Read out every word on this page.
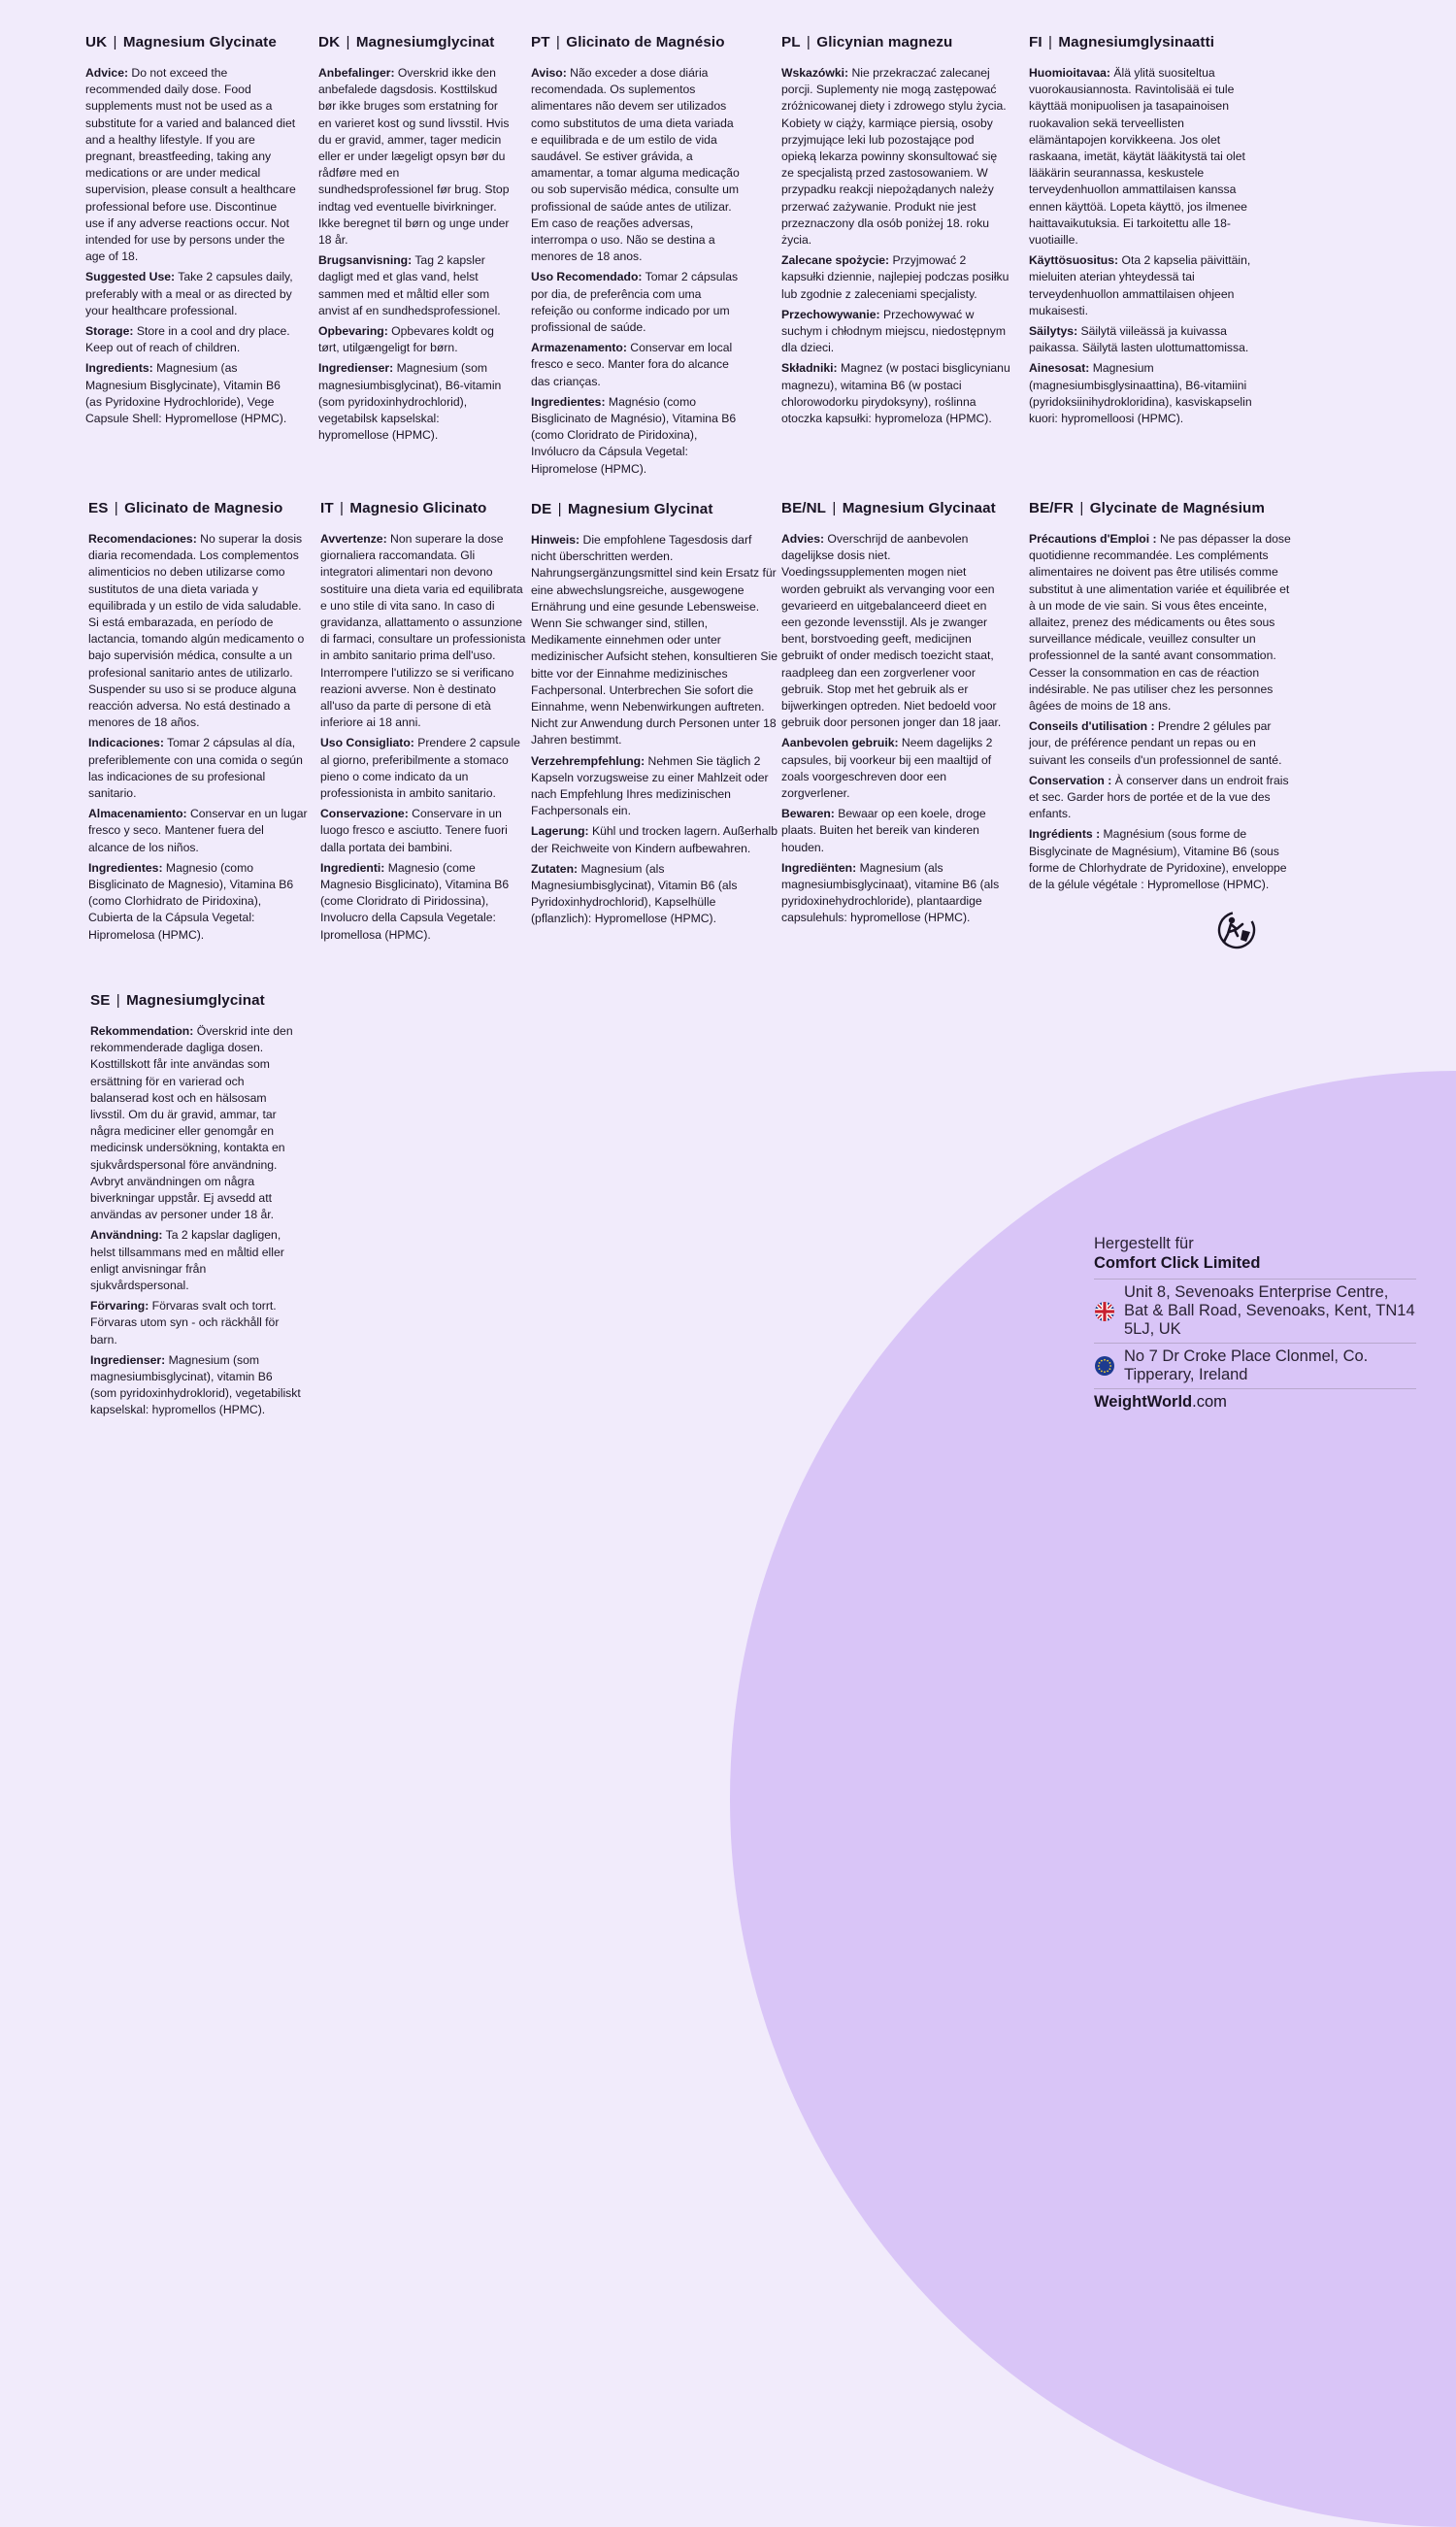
UK | Magnesium Glycinate

Advice: Do not exceed the recommended daily dose. Food supplements must not be used as a substitute for a varied and balanced diet and a healthy lifestyle. If you are pregnant, breastfeeding, taking any medications or are under medical supervision, please consult a healthcare professional before use. Discontinue use if any adverse reactions occur. Not intended for use by persons under the age of 18.

Suggested Use: Take 2 capsules daily, preferably with a meal or as directed by your healthcare professional.

Storage: Store in a cool and dry place. Keep out of reach of children.

Ingredients: Magnesium (as Magnesium Bisglycinate), Vitamin B6 (as Pyridoxine Hydrochloride), Vege Capsule Shell: Hypromellose (HPMC).

DK | Magnesiumglycinat

Anbefalinger: Overskrid ikke den anbefalede dagsdosis. Kosttilskud bør ikke bruges som erstatning for en varieret kost og sund livsstil. Hvis du er gravid, ammer, tager medicin eller er under lægeligt opsyn bør du rådføre med en sundhedsprofessionel før brug. Stop indtag ved eventuelle bivirkninger. Ikke beregnet til børn og unge under 18 år.

Brugsanvisning: Tag 2 kapsler dagligt med et glas vand, helst sammen med et måltid eller som anvist af en sundhedsprofessionel.

Opbevaring: Opbevares koldt og tørt, utilgængeligt for børn.

Ingredienser: Magnesium (som magnesiumbisglycinat), B6-vitamin (som pyridoxinhydrochlorid), vegetabilsk kapselskal: hypromellose (HPMC).

PT | Glicinato de Magnésio

Aviso: Não exceder a dose diária recomendada. Os suplementos alimentares não devem ser utilizados como substitutos de uma dieta variada e equilibrada e de um estilo de vida saudável. Se estiver grávida, a amamentar, a tomar alguma medicação ou sob supervisão médica, consulte um profissional de saúde antes de utilizar. Em caso de reações adversas, interrompa o uso. Não se destina a menores de 18 anos.

Uso Recomendado: Tomar 2 cápsulas por dia, de preferência com uma refeição ou conforme indicado por um profissional de saúde.

Armazenamento: Conservar em local fresco e seco. Manter fora do alcance das crianças.

Ingredientes: Magnésio (como Bisglicinato de Magnésio), Vitamina B6 (como Cloridrato de Piridoxina), Invólucro da Cápsula Vegetal: Hipromelose (HPMC).

PL | Glicynian magnezu

Wskazówki: Nie przekraczać zalecanej porcji. Suplementy nie mogą zastępować zróżnicowanej diety i zdrowego stylu życia. Kobiety w ciąży, karmiące piersią, osoby przyjmujące leki lub pozostające pod opieką lekarza powinny skonsultować się ze specjalistą przed zastosowaniem. W przypadku reakcji niepożądanych należy przerwać zażywanie. Produkt nie jest przeznaczony dla osób poniżej 18. roku życia.

Zalecane spożycie: Przyjmować 2 kapsułki dziennie, najlepiej podczas posiłku lub zgodnie z zaleceniami specjalisty.

Przechowywanie: Przechowywać w suchym i chłodnym miejscu, niedostępnym dla dzieci.

Składniki: Magnez (w postaci bisglicynianu magnezu), witamina B6 (w postaci chlorowodorku pirydoksyny), roślinna otoczka kapsułki: hypromeloza (HPMC).

FI | Magnesiumglysinaatti

Huomioitavaa: Älä ylitä suositeltua vuorokausiannosta. Ravintolisää ei tule käyttää monipuolisen ja tasapainoisen ruokavalion sekä terveellisten elämäntapojen korvikkeena. Jos olet raskaana, imetät, käytät lääkitystä tai olet lääkärin seurannassa, keskustele terveydenhuollon ammattilaisen kanssa ennen käyttöä. Lopeta käyttö, jos ilmenee haittavaikutuksia. Ei tarkoitettu alle 18-vuotiaille.

Käyttösuositus: Ota 2 kapselia päivittäin, mieluiten aterian yhteydessä tai terveydenhuollon ammattilaisen ohjeen mukaisesti.

Säilytys: Säilytä viileässä ja kuivassa paikassa. Säilytä lasten ulottumattomissa.

Ainesosat: Magnesium (magnesiumbisglysinaattina), B6-vitamiini (pyridoksiinihydrokloridina), kasviskapselin kuori: hypromelloosi (HPMC).

ES | Glicinato de Magnesio

Recomendaciones: No superar la dosis diaria recomendada. Los complementos alimenticios no deben utilizarse como sustitutos de una dieta variada y equilibrada y un estilo de vida saludable. Si está embarazada, en período de lactancia, tomando algún medicamento o bajo supervisión médica, consulte a un profesional sanitario antes de utilizarlo. Suspender su uso si se produce alguna reacción adversa. No está destinado a menores de 18 años.

Indicaciones: Tomar 2 cápsulas al día, preferiblemente con una comida o según las indicaciones de su profesional sanitario.

Almacenamiento: Conservar en un lugar fresco y seco. Mantener fuera del alcance de los niños.

Ingredientes: Magnesio (como Bisglicinato de Magnesio), Vitamina B6 (como Clorhidrato de Piridoxina), Cubierta de la Cápsula Vegetal: Hipromelosa (HPMC).

IT | Magnesio Glicinato

Avvertenze: Non superare la dose giornaliera raccomandata. Gli integratori alimentari non devono sostituire una dieta varia ed equilibrata e uno stile di vita sano. In caso di gravidanza, allattamento o assunzione di farmaci, consultare un professionista in ambito sanitario prima dell'uso. Interrompere l'utilizzo se si verificano reazioni avverse. Non è destinato all'uso da parte di persone di età inferiore ai 18 anni.

Uso Consigliato: Prendere 2 capsule al giorno, preferibilmente a stomaco pieno o come indicato da un professionista in ambito sanitario.

Conservazione: Conservare in un luogo fresco e asciutto. Tenere fuori dalla portata dei bambini.

Ingredienti: Magnesio (come Magnesio Bisglicinato), Vitamina B6 (come Cloridrato di Piridossina), Involucro della Capsula Vegetale: Ipromellosa (HPMC).

DE | Magnesium Glycinat

Hinweis: Die empfohlene Tagesdosis darf nicht überschritten werden. Nahrungsergänzungsmittel sind kein Ersatz für eine abwechslungsreiche, ausgewogene Ernährung und eine gesunde Lebensweise. Wenn Sie schwanger sind, stillen, Medikamente einnehmen oder unter medizinischer Aufsicht stehen, konsultieren Sie bitte vor der Einnahme medizinisches Fachpersonal. Unterbrechen Sie sofort die Einnahme, wenn Nebenwirkungen auftreten. Nicht zur Anwendung durch Personen unter 18 Jahren bestimmt.

Verzehrempfehlung: Nehmen Sie täglich 2 Kapseln vorzugsweise zu einer Mahlzeit oder nach Empfehlung Ihres medizinischen Fachpersonals ein.

Lagerung: Kühl und trocken lagern. Außerhalb der Reichweite von Kindern aufbewahren.

Zutaten: Magnesium (als Magnesiumbisglycinat), Vitamin B6 (als Pyridoxinhydrochlorid), Kapselhülle (pflanzlich): Hypromellose (HPMC).

BE/NL | Magnesium Glycinaat

Advies: Overschrijd de aanbevolen dagelijkse dosis niet. Voedingssupplementen mogen niet worden gebruikt als vervanging voor een gevarieerd en uitgebalanceerd dieet en een gezonde levensstijl. Als je zwanger bent, borstvoeding geeft, medicijnen gebruikt of onder medisch toezicht staat, raadpleeg dan een zorgverlener voor gebruik. Stop met het gebruik als er bijwerkingen optreden. Niet bedoeld voor gebruik door personen jonger dan 18 jaar.

Aanbevolen gebruik: Neem dagelijks 2 capsules, bij voorkeur bij een maaltijd of zoals voorgeschreven door een zorgverlener.

Bewaren: Bewaar op een koele, droge plaats. Buiten het bereik van kinderen houden.

Ingrediënten: Magnesium (als magnesiumbisglycinaat), vitamine B6 (als pyridoxinehydrochloride), plantaardige capsulehuls: hypromellose (HPMC).

BE/FR | Glycinate de Magnésium

Précautions d'Emploi : Ne pas dépasser la dose quotidienne recommandée. Les compléments alimentaires ne doivent pas être utilisés comme substitut à une alimentation variée et équilibrée et à un mode de vie sain. Si vous êtes enceinte, allaitez, prenez des médicaments ou êtes sous surveillance médicale, veuillez consulter un professionnel de la santé avant consommation. Cesser la consommation en cas de réaction indésirable. Ne pas utiliser chez les personnes âgées de moins de 18 ans.

Conseils d'utilisation : Prendre 2 gélules par jour, de préférence pendant un repas ou en suivant les conseils d'un professionnel de santé.

Conservation : À conserver dans un endroit frais et sec. Garder hors de portée et de la vue des enfants.

Ingrédients : Magnésium (sous forme de Bisglycinate de Magnésium), Vitamine B6 (sous forme de Chlorhydrate de Pyridoxine), enveloppe de la gélule végétale : Hypromellose (HPMC).

SE | Magnesiumglycinat

Rekommendation: Överskrid inte den rekommenderade dagliga dosen. Kosttillskott får inte användas som ersättning för en varierad och balanserad kost och en hälsosam livsstil. Om du är gravid, ammar, tar några mediciner eller genomgår en medicinsk undersökning, kontakta en sjukvårdspersonal före användning. Avbryt användningen om några biverkningar uppstår. Ej avsedd att användas av personer under 18 år.

Användning: Ta 2 kapslar dagligen, helst tillsammans med en måltid eller enligt anvisningar från sjukvårdspersonal.

Förvaring: Förvaras svalt och torrt. Förvaras utom syn - och räckhåll för barn.

Ingredienser: Magnesium (som magnesiumbisglycinat), vitamin B6 (som pyridoxinhydroklorid), vegetabiliskt kapselskal: hypromellos (HPMC).

Hergestellt für
Comfort Click Limited
Unit 8, Sevenoaks Enterprise Centre, Bat & Ball Road, Sevenoaks, Kent, TN14 5LJ, UK
No 7 Dr Croke Place Clonmel, Co. Tipperary, Ireland
WeightWorld.com
